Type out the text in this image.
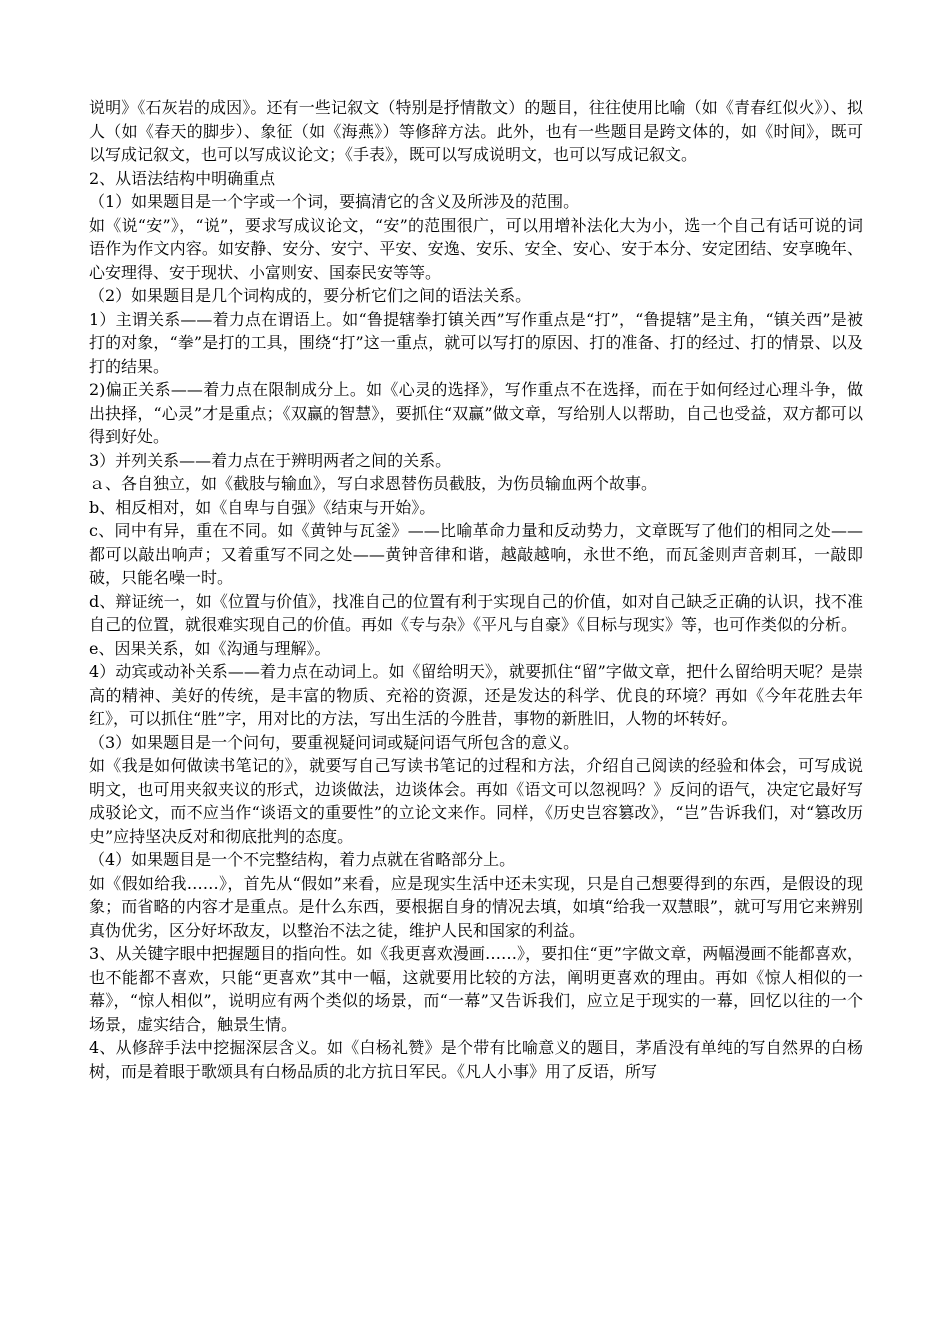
说明》《石灰岩的成因》。还有一些记叙文（特别是抒情散文）的题目，往往使用比喻（如《青春红似火》）、拟人（如《春天的脚步）、象征（如《海燕》）等修辞方法。此外，也有一些题目是跨文体的，如《时间》，既可以写成记叙文，也可以写成议论文；《手表》，既可以写成说明文，也可以写成记叙文。

2、从语法结构中明确重点

（1）如果题目是一个字或一个词，要搞清它的含义及所涉及的范围。

如《说“安”》，“说”，要求写成议论文，“安”的范围很广，可以用增补法化大为小，选一个自己有话可说的词语作为作文内容。如安静、安分、安宁、平安、安逸、安乐、安全、安心、安于本分、安定团结、安享晚年、心安理得、安于现状、小富则安、国泰民安等等。

（2）如果题目是几个词构成的，要分析它们之间的语法关系。

1）主谓关系——着力点在谓语上。如“鲁提辖拳打镇关西”写作重点是“打”，“鲁提辖”是主角，“镇关西”是被打的对象，“拳”是打的工具，围绕“打”这一重点，就可以写打的原因、打的准备、打的经过、打的情景、以及打的结果。

2)偏正关系——着力点在限制成分上。如《心灵的选择》，写作重点不在选择，而在于如何经过心理斗争，做出抉择，“心灵”才是重点；《双赢的智慧》，要抓住“双赢”做文章，写给别人以帮助，自己也受益，双方都可以得到好处。

3）并列关系——着力点在于辨明两者之间的关系。

ａ、各自独立，如《截肢与输血》，写白求恩替伤员截肢，为伤员输血两个故事。

b、相反相对，如《自卑与自强》《结束与开始》。

c、同中有异，重在不同。如《黄钟与瓦釜》——比喻革命力量和反动势力，文章既写了他们的相同之处——都可以敲出响声；又着重写不同之处——黄钟音律和谐，越敲越响，永世不绝，而瓦釜则声音刺耳，一敲即破，只能名噪一时。

d、辩证统一，如《位置与价值》，找准自己的位置有利于实现自己的价值，如对自己缺乏正确的认识，找不准自己的位置，就很难实现自己的价值。再如《专与杂》《平凡与自豪》《目标与现实》等，也可作类似的分析。

e、因果关系，如《沟通与理解》。

4）动宾或动补关系——着力点在动词上。如《留给明天》，就要抓住“留”字做文章，把什么留给明天呢？是崇高的精神、美好的传统，是丰富的物质、充裕的资源，还是发达的科学、优良的环境？再如《今年花胜去年红》，可以抓住“胜”字，用对比的方法，写出生活的今胜昔，事物的新胜旧，人物的坏转好。

（3）如果题目是一个问句，要重视疑问词或疑问语气所包含的意义。

如《我是如何做读书笔记的》，就要写自己写读书笔记的过程和方法，介绍自己阅读的经验和体会，可写成说明文，也可用夹叙夹议的形式，边谈做法，边谈体会。再如《语文可以忽视吗？》反问的语气，决定它最好写成驳论文，而不应当作“谈语文的重要性”的立论文来作。同样，《历史岂容篡改》，“岂”告诉我们，对“篡改历史”应持坚决反对和彻底批判的态度。

（4）如果题目是一个不完整结构，着力点就在省略部分上。

如《假如给我……》，首先从“假如”来看，应是现实生活中还未实现，只是自己想要得到的东西，是假设的现象；而省略的内容才是重点。是什么东西，要根据自身的情况去填，如填“给我一双慧眼”，就可写用它来辨别真伪优劣，区分好坏敌友，以整治不法之徒，维护人民和国家的利益。

3、从关键字眼中把握题目的指向性。如《我更喜欢漫画……》，要扣住“更”字做文章，两幅漫画不能都喜欢，也不能都不喜欢，只能“更喜欢”其中一幅，这就要用比较的方法，阐明更喜欢的理由。再如《惊人相似的一幕》，“惊人相似”，说明应有两个类似的场景，而“一幕”又告诉我们，应立足于现实的一幕，回忆以往的一个场景，虚实结合，触景生情。

4、从修辞手法中挖掘深层含义。如《白杨礼赞》是个带有比喻意义的题目，茅盾没有单纯的写自然界的白杨树，而是着眼于歌颂具有白杨品质的北方抗日军民。《凡人小事》用了反语，所写
